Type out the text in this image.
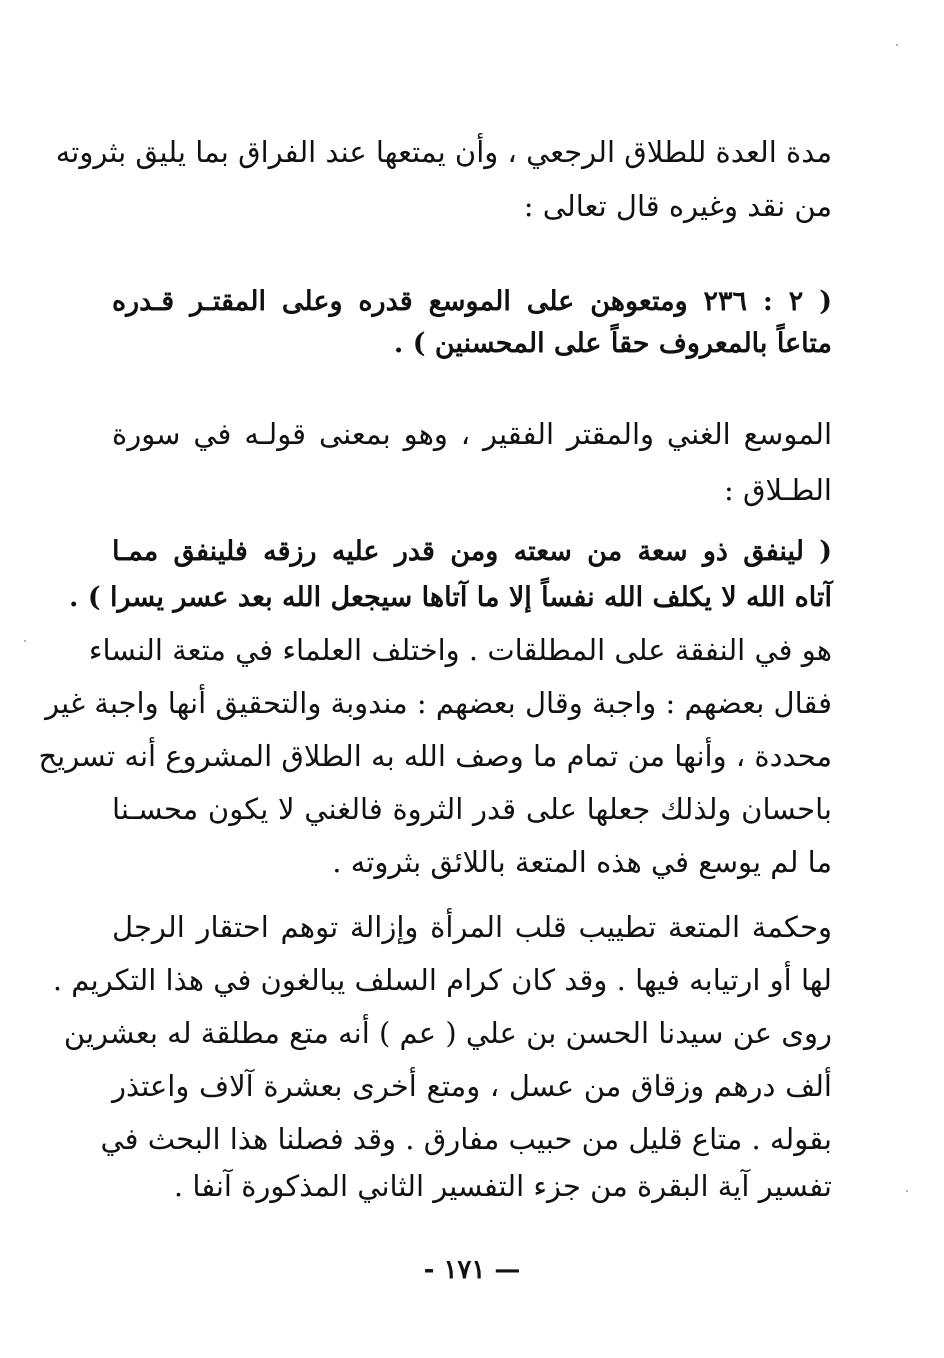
مدة العدة للطلاق الرجعي ، وأن يمتعها عند الفراق بما يليق بثروته
من نقد وغيره قال تعالى :
( ٢ : ٢٣٦ ومتعوهن على الموسع قدره وعلى المقتـر قـدره
متاعاً بالمعروف حقاً على المحسنين ) .
الموسع الغني والمقتر الفقير ، وهو بمعنى قولـه في سورة
الطـلاق :
( لينفق ذو سعة من سعته ومن قدر عليه رزقه فلينفق ممـا
آتاه الله لا يكلف الله نفساً إلا ما آتاها سيجعل الله بعد عسر يسرا ) .
هو في النفقة على المطلقات . واختلف العلماء في متعة النساء
فقال بعضهم : واجبة وقال بعضهم : مندوبة والتحقيق أنها واجبة غير
محددة ، وأنها من تمام ما وصف الله به الطلاق المشروع أنه تسريح
باحسان ولذلك جعلها على قدر الثروة فالغني لا يكون محسـنا
ما لم يوسع في هذه المتعة باللائق بثروته .
وحكمة المتعة تطييب قلب المرأة وإزالة توهم احتقار الرجل
لها أو ارتيابه فيها . وقد كان كرام السلف يبالغون في هذا التكريم .
روى عن سيدنا الحسن بن علي ( عم ) أنه متع مطلقة له بعشرين
ألف درهم وزقاق من عسل ، ومتع أخرى بعشرة آلاف واعتذر
بقوله . متاع قليل من حبيب مفارق . وقد فصلنا هذا البحث في
تفسير آية البقرة من جزء التفسير الثاني المذكورة آنفا .
— ١٧١ -
